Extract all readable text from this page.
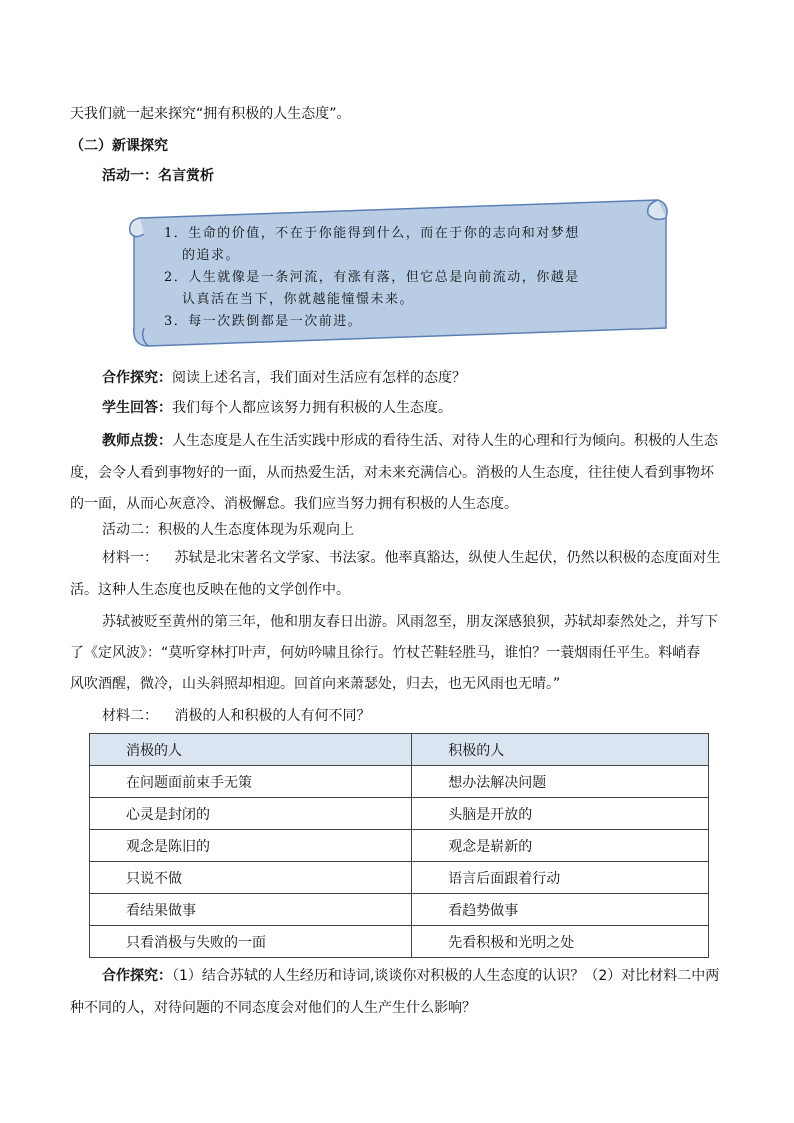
天我们就一起来探究“拥有积极的人生态度”。
（二）新课探究
活动一：名言赏析
1．生命的价值，不在于你能得到什么，而在于你的志向和对梦想
的追求。
2．人生就像是一条河流，有涨有落，但它总是向前流动，你越是
认真活在当下，你就越能憧憬未来。
3．每一次跌倒都是一次前进。
合作探究：阅读上述名言，我们面对生活应有怎样的态度？
学生回答：我们每个人都应该努力拥有积极的人生态度。
教师点拨：人生态度是人在生活实践中形成的看待生活、对待人生的心理和行为倾向。积极的人生态
度，会令人看到事物好的一面，从而热爱生活，对未来充满信心。消极的人生态度，往往使人看到事物坏
的一面，从而心灰意冷、消极懈怠。我们应当努力拥有积极的人生态度。
活动二：积极的人生态度体现为乐观向上
材料一： 苏轼是北宋著名文学家、书法家。他率真豁达，纵使人生起伏，仍然以积极的态度面对生
活。这种人生态度也反映在他的文学创作中。
苏轼被贬至黄州的第三年，他和朋友春日出游。风雨忽至，朋友深感狼狈，苏轼却泰然处之，并写下
了《定风波》：“莫听穿林打叶声，何妨吟啸且徐行。竹杖芒鞋轻胜马，谁怕？一蓑烟雨任平生。料峭春
风吹酒醒，微冷，山头斜照却相迎。回首向来萧瑟处，归去，也无风雨也无晴。”
材料二： 消极的人和积极的人有何不同？
消极的人	积极的人
在问题面前束手无策	想办法解决问题
心灵是封闭的	头脑是开放的
观念是陈旧的	观念是崭新的
只说不做	语言后面跟着行动
看结果做事	看趋势做事
只看消极与失败的一面	先看积极和光明之处
合作探究：（1）结合苏轼的人生经历和诗词,谈谈你对积极的人生态度的认识？（2）对比材料二中两
种不同的人，对待问题的不同态度会对他们的人生产生什么影响？
